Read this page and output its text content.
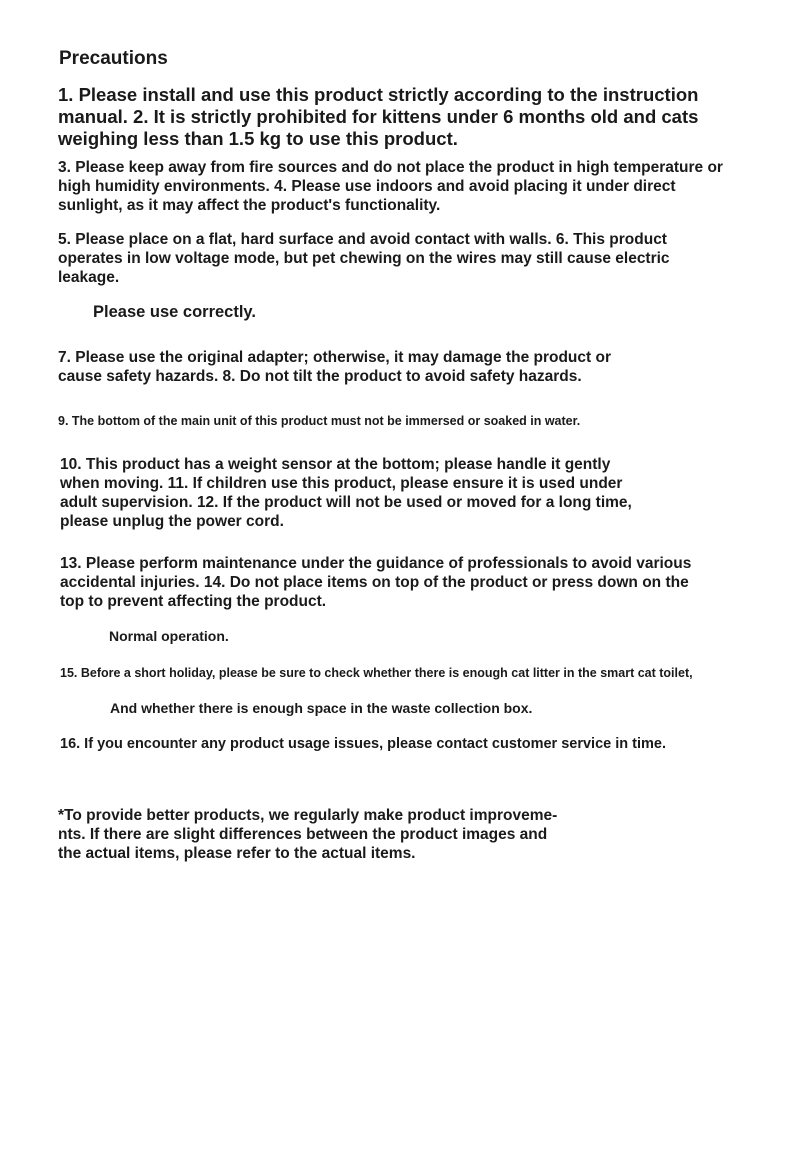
Precautions
1. Please install and use this product strictly according to the instruction
manual. 2. It is strictly prohibited for kittens under 6 months old and cats
weighing less than 1.5 kg to use this product.
3. Please keep away from fire sources and do not place the product in high temperature or
high humidity environments. 4. Please use indoors and avoid placing it under direct
sunlight, as it may affect the product's functionality.
5. Please place on a flat, hard surface and avoid contact with walls. 6. This product
operates in low voltage mode, but pet chewing on the wires may still cause electric
leakage.
Please use correctly.
7. Please use the original adapter; otherwise, it may damage the product or
cause safety hazards. 8. Do not tilt the product to avoid safety hazards.
9. The bottom of the main unit of this product must not be immersed or soaked in water.
10. This product has a weight sensor at the bottom; please handle it gently
when moving. 11. If children use this product, please ensure it is used under
adult supervision. 12. If the product will not be used or moved for a long time,
please unplug the power cord.
13. Please perform maintenance under the guidance of professionals to avoid various
accidental injuries. 14. Do not place items on top of the product or press down on the
top to prevent affecting the product.
Normal operation.
15. Before a short holiday, please be sure to check whether there is enough cat litter in the smart cat toilet,
And whether there is enough space in the waste collection box.
16. If you encounter any product usage issues, please contact customer service in time.
*To provide better products, we regularly make product improveme-
nts. If there are slight differences between the product images and
the actual items, please refer to the actual items.
